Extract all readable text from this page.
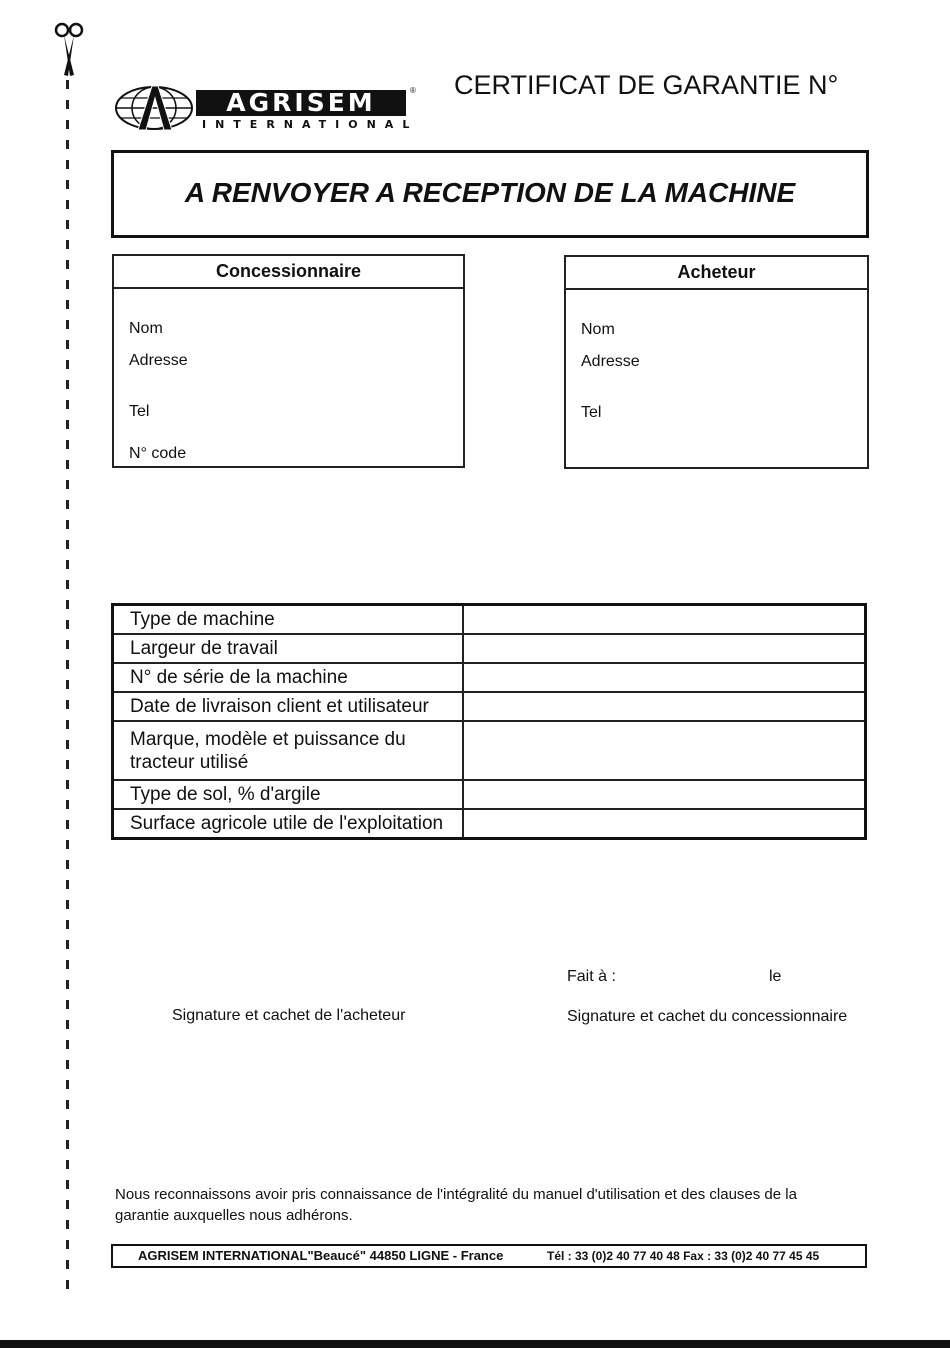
AGRISEM	®
INTERNATIONAL
CERTIFICAT DE GARANTIE N°
A RENVOYER A RECEPTION DE LA MACHINE
Concessionnaire
Nom
Adresse
Tel
N° code
Acheteur
Nom
Adresse
Tel
Type de machine	
Largeur de travail	
N° de série de la machine	
Date de livraison client et utilisateur	
Marque, modèle et puissance du tracteur utilisé	
Type de sol, % d'argile	
Surface agricole utile de l'exploitation	
Fait à :	le
Signature et cachet de l'acheteur	Signature et cachet du concessionnaire
Nous reconnaissons avoir pris connaissance de l'intégralité du manuel d'utilisation et des clauses de la garantie auxquelles nous adhérons.
AGRISEM INTERNATIONAL"Beaucé" 44850 LIGNE - France	Tél : 33 (0)2 40 77 40 48 Fax : 33 (0)2 40 77 45 45
